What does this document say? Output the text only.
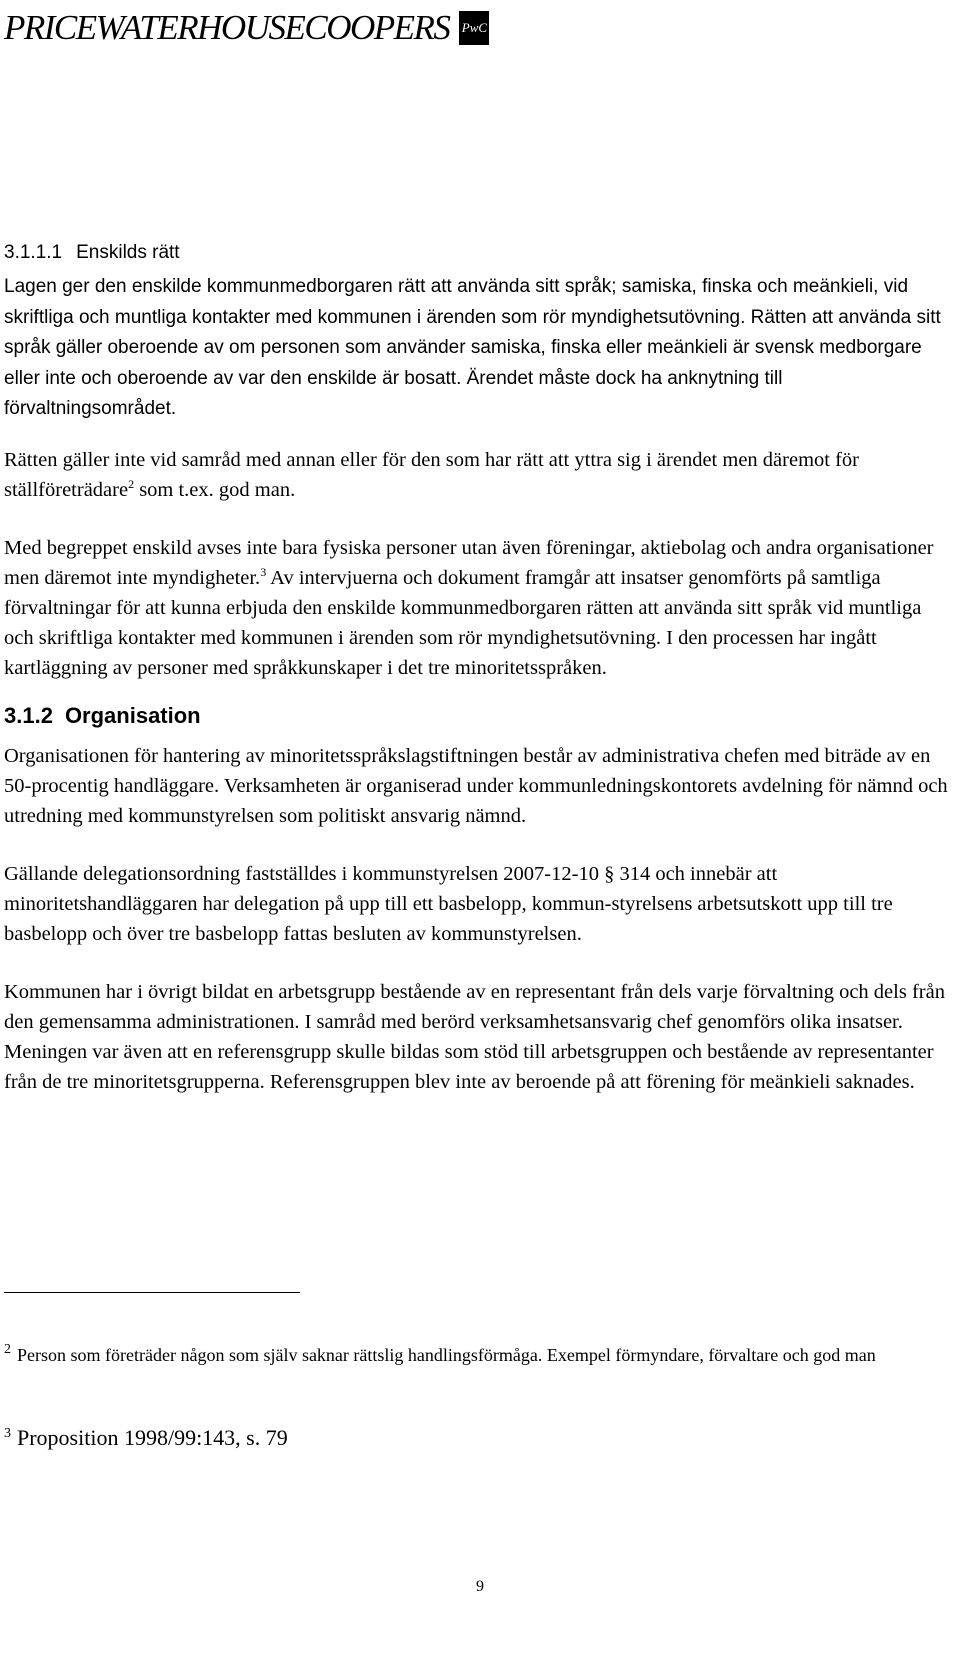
PRICEWATERHOUSECOOPERS PwC
3.1.1.1 Enskilds rätt

Lagen ger den enskilde kommunmedborgaren rätt att använda sitt språk; samiska, finska och meänkieli, vid skriftliga och muntliga kontakter med kommunen i ärenden som rör myndighetsutövning. Rätten att använda sitt språk gäller oberoende av om personen som använder samiska, finska eller meänkieli är svensk medborgare eller inte och oberoende av var den enskilde är bosatt. Ärendet måste dock ha anknytning till förvaltningsområdet.

Rätten gäller inte vid samråd med annan eller för den som har rätt att yttra sig i ärendet men däremot för ställföreträdare$^2$ som t.ex. god man.

Med begreppet enskild avses inte bara fysiska personer utan även föreningar, aktiebolag och andra organisationer men däremot inte myndigheter.$^3$ Av intervjuerna och dokument framgår att insatser genomförts på samtliga förvaltningar för att kunna erbjuda den enskilde kommunmedborgaren rätten att använda sitt språk vid muntliga och skriftliga kontakter med kommunen i ärenden som rör myndighetsutövning. I den processen har ingått kartläggning av personer med språkkunskaper i det tre minoritetsspråken.

3.1.2 Organisation

Organisationen för hantering av minoritetsspråkslagstiftningen består av administrativa chefen med biträde av en 50-procentig handläggare. Verksamheten är organiserad under kommunledningskontorets avdelning för nämnd och utredning med kommunstyrelsen som politiskt ansvarig nämnd.

Gällande delegationsordning fastställdes i kommunstyrelsen 2007-12-10 § 314 och innebär att minoritetshandläggaren har delegation på upp till ett basbelopp, kommun-styrelsens arbetsutskott upp till tre basbelopp och över tre basbelopp fattas besluten av kommunstyrelsen.

Kommunen har i övrigt bildat en arbetsgrupp bestående av en representant från dels varje förvaltning och dels från den gemensamma administrationen. I samråd med berörd verksamhetsansvarig chef genomförs olika insatser. Meningen var även att en referensgrupp skulle bildas som stöd till arbetsgruppen och bestående av representanter från de tre minoritetsgrupperna. Referensgruppen blev inte av beroende på att förening för meänkieli saknades.

$^2$ Person som företräder någon som själv saknar rättslig handlingsförmåga. Exempel förmyndare, förvaltare och god man
$^3$ Proposition 1998/99:143, s. 79
9
